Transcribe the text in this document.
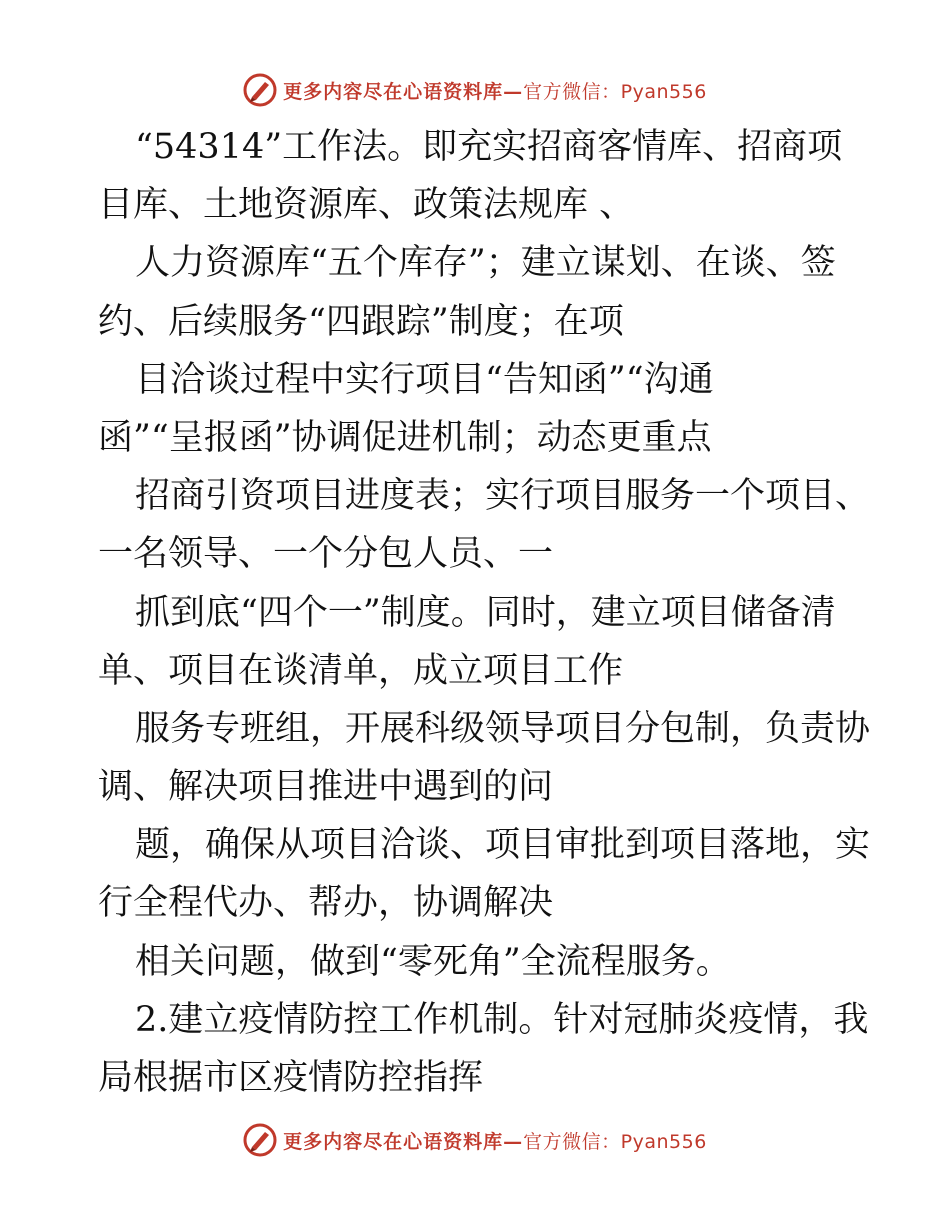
更多内容尽在心语资料库— 官方微信：Pyan556
“54314”工作法。即充实招商客情库、招商项
目库、土地资源库、政策法规库 、
人力资源库“五个库存”；建立谋划、在谈、签
约、后续服务“四跟踪”制度；在项
目洽谈过程中实行项目“告知函”“沟通
函”“呈报函”协调促进机制；动态更重点
招商引资项目进度表；实行项目服务一个项目、
一名领导、一个分包人员、一
抓到底“四个一”制度。同时，建立项目储备清
单、项目在谈清单，成立项目工作
服务专班组，开展科级领导项目分包制，负责协
调、解决项目推进中遇到的问
题，确保从项目洽谈、项目审批到项目落地，实
行全程代办、帮办，协调解决
相关问题，做到“零死角”全流程服务。
2.建立疫情防控工作机制。针对冠肺炎疫情，我
局根据市区疫情防控指挥
更多内容尽在心语资料库— 官方微信：Pyan556
